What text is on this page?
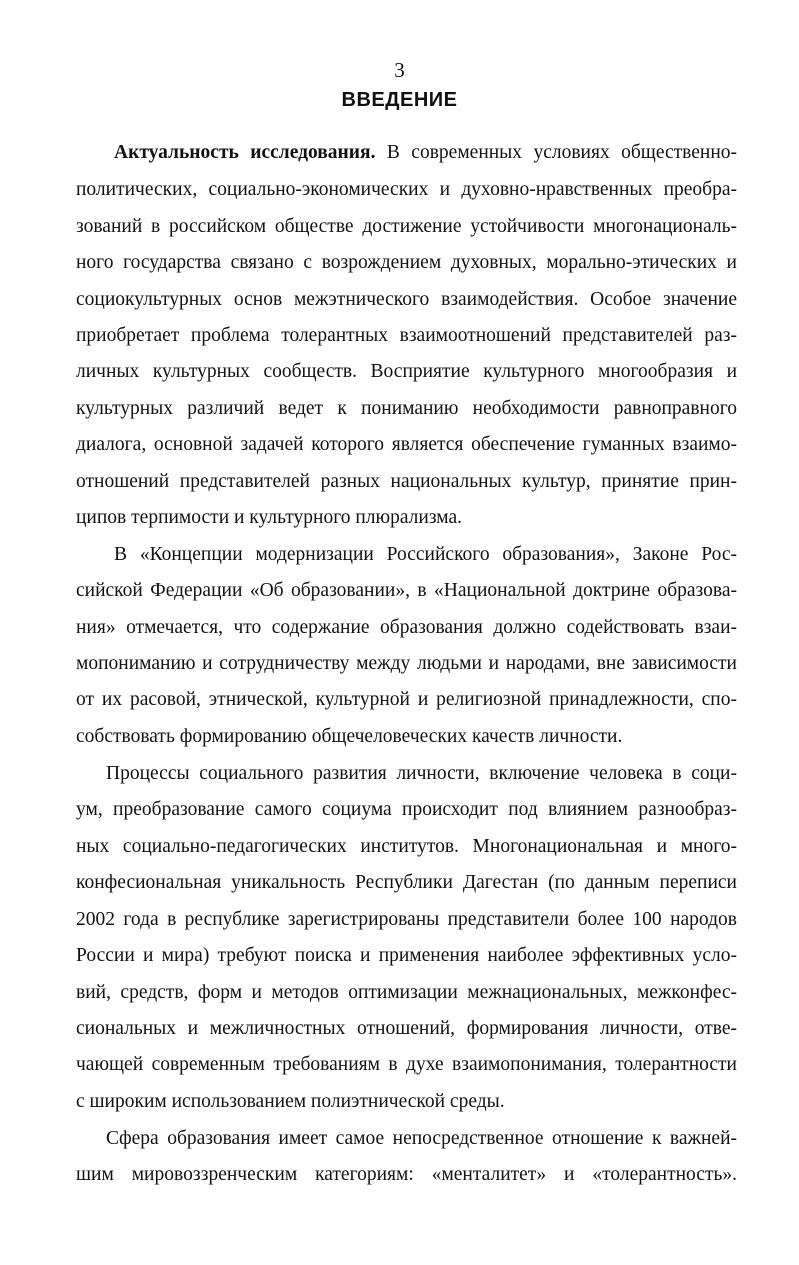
3
ВВЕДЕНИЕ
Актуальность исследования. В современных условиях общественно-
политических, социально-экономических и духовно-нравственных преобра-
зований в российском обществе достижение устойчивости многонациональ-
ного государства связано с возрождением духовных, морально-этических и
социокультурных основ межэтнического взаимодействия. Особое значение
приобретает проблема толерантных взаимоотношений представителей раз-
личных культурных сообществ. Восприятие культурного многообразия и
культурных различий ведет к пониманию необходимости равноправного
диалога, основной задачей которого является обеспечение гуманных взаимо-
отношений представителей разных национальных культур, принятие прин-
ципов терпимости и культурного плюрализма.
В «Концепции модернизации Российского образования», Законе Рос-
сийской Федерации «Об образовании», в «Национальной доктрине образова-
ния» отмечается, что содержание образования должно содействовать взаи-
мопониманию и сотрудничеству между людьми и народами, вне зависимости
от их расовой, этнической, культурной и религиозной принадлежности, спо-
собствовать формированию общечеловеческих качеств личности.
Процессы социального развития личности, включение человека в соци-
ум, преобразование самого социума происходит под влиянием разнообраз-
ных социально-педагогических институтов. Многонациональная и много-
конфесиональная уникальность Республики Дагестан (по данным переписи
2002 года в республике зарегистрированы представители более 100 народов
России и мира) требуют поиска и применения наиболее эффективных усло-
вий, средств, форм и методов оптимизации межнациональных, межконфес-
сиональных и межличностных отношений, формирования личности, отве-
чающей современным требованиям в духе взаимопонимания, толерантности
с широким использованием полиэтнической среды.
Сфера образования имеет самое непосредственное отношение к важней-
шим мировоззренческим категориям: «менталитет» и «толерантность».
